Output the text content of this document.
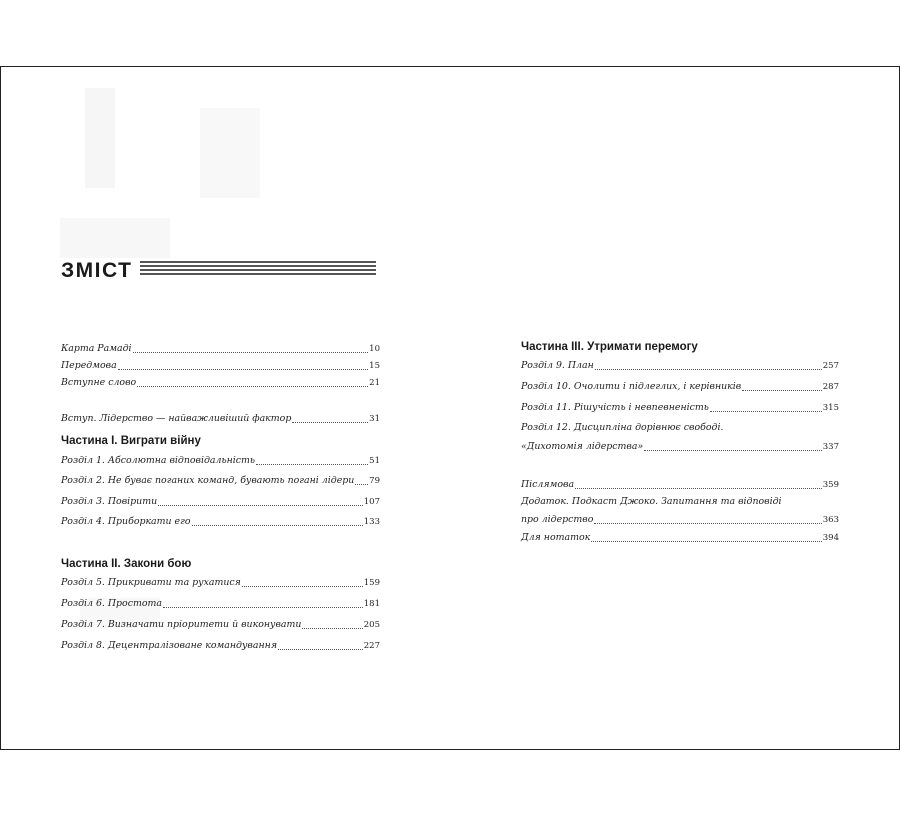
ЗМІСТ
Карта Рамаді	10
Передмова	15
Вступне слово	21
Вступ. Лідерство — найважливіший фактор	31
Частина І. Виграти війну
Розділ 1. Абсолютна відповідальність	51
Розділ 2. Не буває поганих команд, бувають погані лідери 79
Розділ 3. Повірити	107
Розділ 4. Приборкати его	133
Частина ІІ. Закони бою
Розділ 5. Прикривати та рухатися	159
Розділ 6. Простота	181
Розділ 7. Визначати пріоритети й виконувати	205
Розділ 8. Децентралізоване командування	227
Частина ІІІ. Утримати перемогу
Розділ 9. План	257
Розділ 10. Очолити і підлеглих, і керівників	287
Розділ 11. Рішучість і невпевненість	315
Розділ 12. Дисципліна дорівнює свободі.
«Дихотомія лідерства»	337
Післямова	359
Додаток. Подкаст Джоко. Запитання та відповіді
про лідерство	363
Для нотаток	394
